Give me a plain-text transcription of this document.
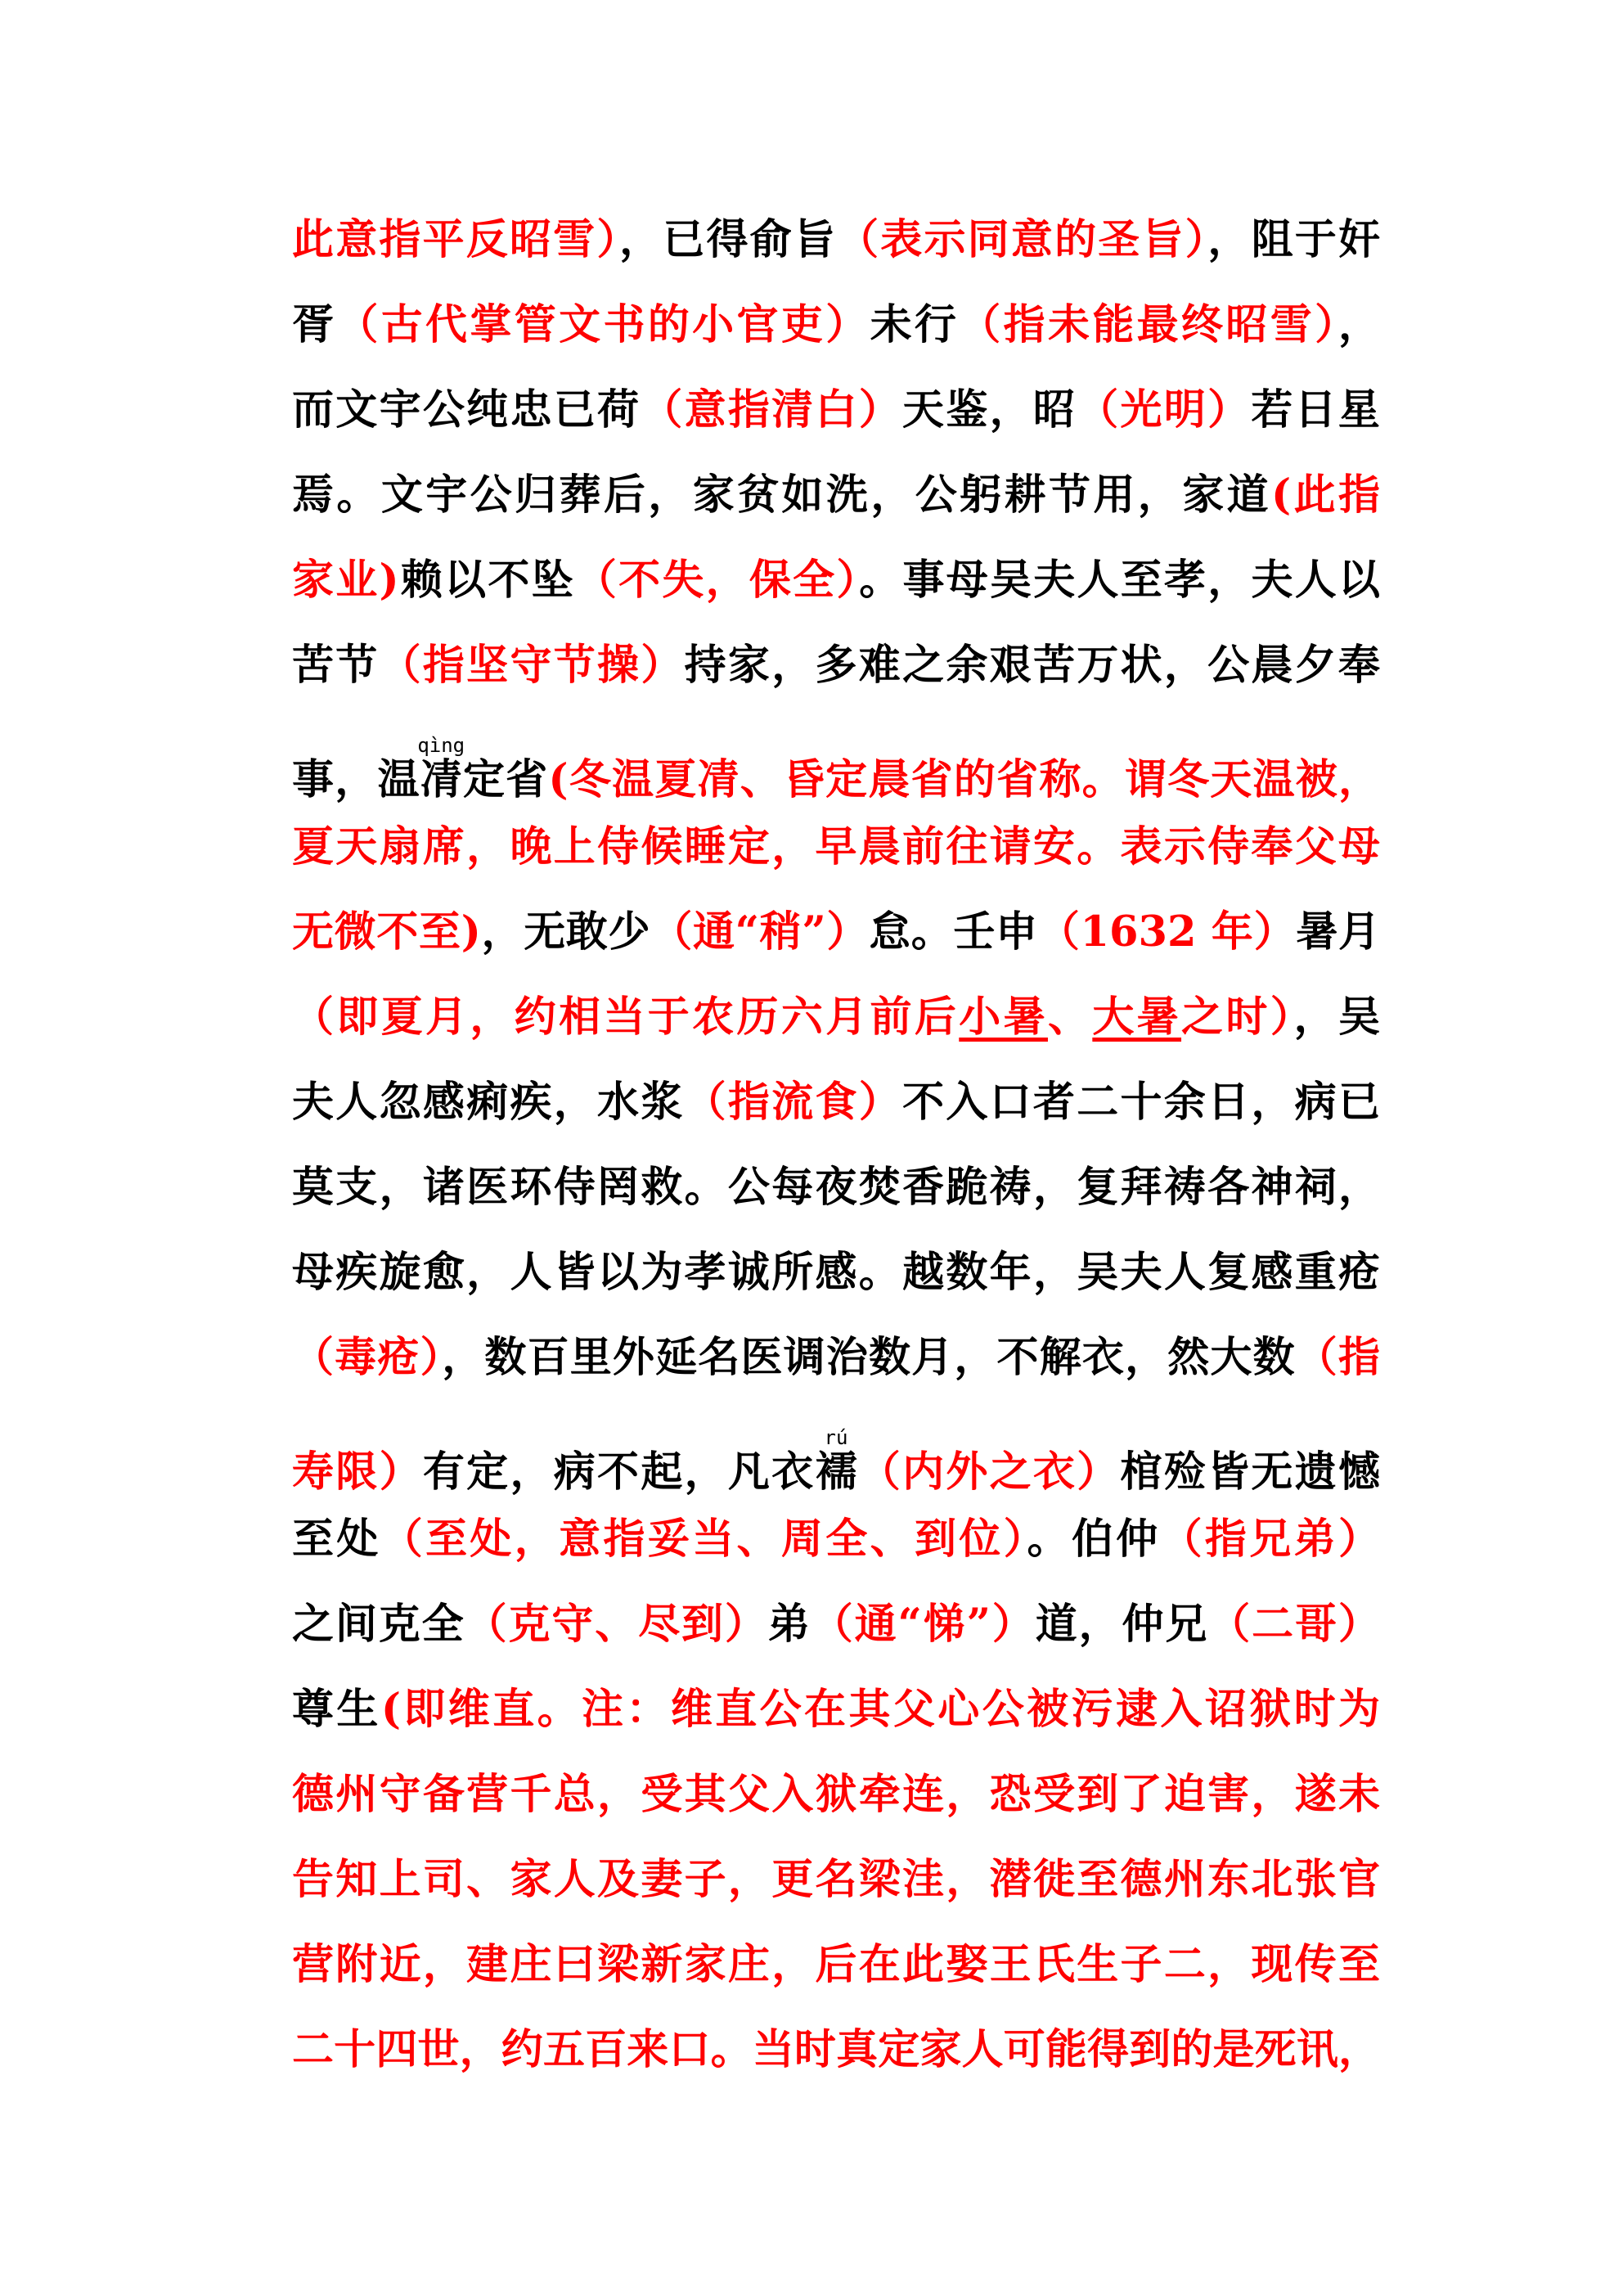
此意指平反昭雪），已得俞旨（表示同意的圣旨），阻于奸
胥（古代掌管文书的小官吏）未行（指未能最终昭雪），
而文宇公纯忠已荷（意指清白）天鉴，昭（光明）若日星
焉。文宇公归葬后，家贫如洗，公躬耕节用，家道(此指
家业)赖以不坠（不失，保全）。事母吴夫人至孝，夫人以
苦节（指坚守节操）持家，多难之余艰苦万状，公晨夕奉
事，温凊qìng定省(冬温夏凊、昏定晨省的省称。谓冬天温被，
夏天扇席，晚上侍候睡定，早晨前往请安。表示侍奉父母
无微不至)，无敢少（通“稍”）怠。壬申（1632 年）暑月
（即夏月，约相当于农历六月前后小暑、大暑之时），吴
夫人忽感痢疾，水浆（指流食）不入口者二十余日，病已
莫支，诸医环侍罔救。公每夜焚香跪祷，复拜祷各神祠，
母疾旋愈，人皆以为孝诚所感。越数年，吴夫人复感重疮
（毒疮），数百里外延名医调治数月，不解衣，然大数（指
寿限）有定，病不起，凡衣襦rú（内外之衣）棺殓皆无遗憾
至处（至处，意指妥当、周全、到位）。伯仲（指兄弟）
之间克全（克守、尽到）弟（通“悌”）道，仲兄（二哥）
尊生(即维直。注：维直公在其父心公被污逮入诏狱时为
德州守备营千总，受其父入狱牵连，恐受到了迫害，遂未
告知上司、家人及妻子，更名梁洼，潜徙至德州东北张官
营附近，建庄曰梁新家庄，后在此娶王氏生子二，现传至
二十四世，约五百来口。当时真定家人可能得到的是死讯，
